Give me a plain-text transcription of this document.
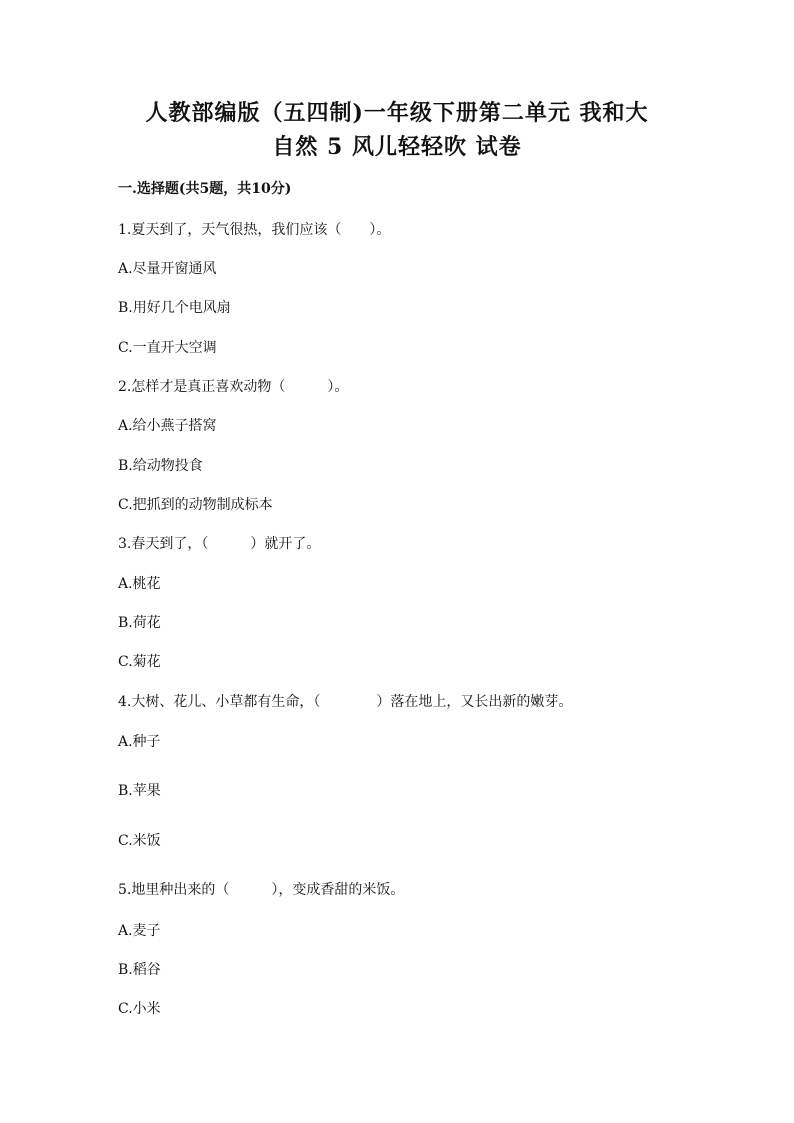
人教部编版（五四制)一年级下册第二单元 我和大
自然 5 风儿轻轻吹 试卷
一.选择题(共5题，共10分)
1.夏天到了，天气很热，我们应该（　　）。
A.尽量开窗通风
B.用好几个电风扇
C.一直开大空调
2.怎样才是真正喜欢动物（　　　）。
A.给小燕子搭窝
B.给动物投食
C.把抓到的动物制成标本
3.春天到了，（　　　）就开了。
A.桃花
B.荷花
C.菊花
4.大树、花儿、小草都有生命，（　　　　）落在地上，又长出新的嫩芽。
A.种子
B.苹果
C.米饭
5.地里种出来的（　　　），变成香甜的米饭。
A.麦子
B.稻谷
C.小米
